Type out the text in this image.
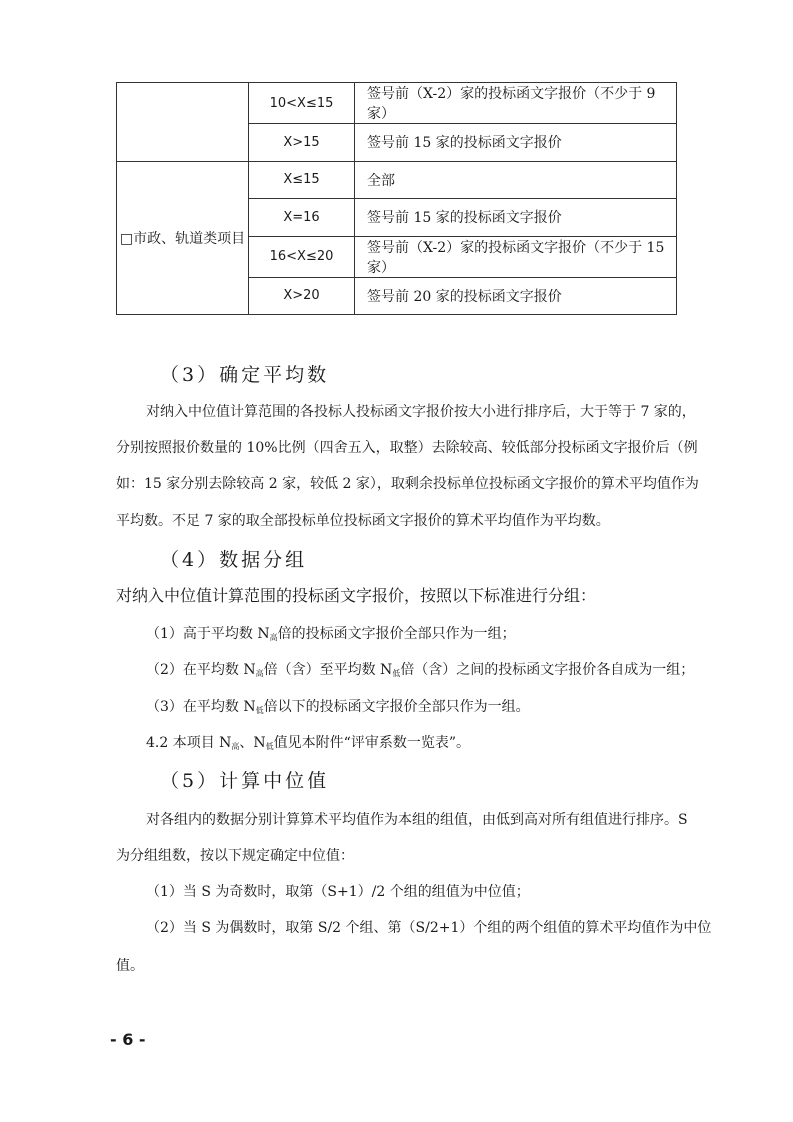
	10<X≤15	签号前（X-2）家的投标函文字报价（不少于 9 家）
	X>15	签号前 15 家的投标函文字报价
□市政、轨道类项目	X≤15	全部
	X=16	签号前 15 家的投标函文字报价
	16<X≤20	签号前（X-2）家的投标函文字报价（不少于 15 家）
	X>20	签号前 20 家的投标函文字报价
（3）确定平均数
对纳入中位值计算范围的各投标人投标函文字报价按大小进行排序后，大于等于 7 家的，
分别按照报价数量的 10%比例（四舍五入，取整）去除较高、较低部分投标函文字报价后（例
如：15 家分别去除较高 2 家，较低 2 家），取剩余投标单位投标函文字报价的算术平均值作为
平均数。不足 7 家的取全部投标单位投标函文字报价的算术平均值作为平均数。
（4）数据分组
对纳入中位值计算范围的投标函文字报价，按照以下标准进行分组：
（1）高于平均数 $N_高$倍的投标函文字报价全部只作为一组；
（2）在平均数 $N_高$倍（含）至平均数 $N_低$倍（含）之间的投标函文字报价各自成为一组；
（3）在平均数 $N_低$倍以下的投标函文字报价全部只作为一组。
4.2 本项目 $N_高$、$N_低$值见本附件“评审系数一览表”。
（5）计算中位值
对各组内的数据分别计算算术平均值作为本组的组值，由低到高对所有组值进行排序。S
为分组组数，按以下规定确定中位值：
（1）当 S 为奇数时，取第（S+1）/2 个组的组值为中位值；
（2）当 S 为偶数时，取第 S/2 个组、第（S/2+1）个组的两个组值的算术平均值作为中位
值。
- 6 -
